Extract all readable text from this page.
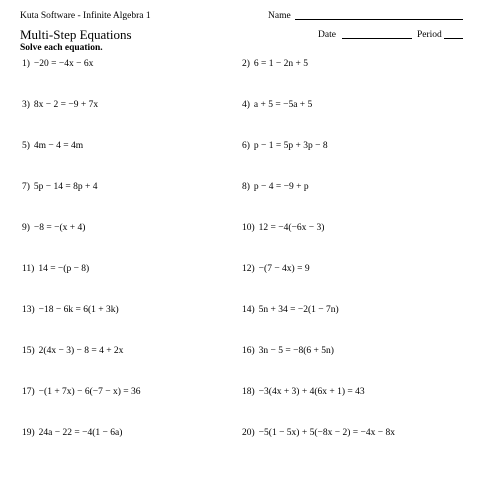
Kuta Software - Infinite Algebra 1	Name
Multi-Step Equations	Date	Period
Solve each equation.
1) −20 = −4x − 6x	2) 6 = 1 − 2n + 5
3) 8x − 2 = −9 + 7x	4) a + 5 = −5a + 5
5) 4m − 4 = 4m	6) p − 1 = 5p + 3p − 8
7) 5p − 14 = 8p + 4	8) p − 4 = −9 + p
9) −8 = −(x + 4)	10) 12 = −4(−6x − 3)
11) 14 = −(p − 8)	12) −(7 − 4x) = 9
13) −18 − 6k = 6(1 + 3k)	14) 5n + 34 = −2(1 − 7n)
15) 2(4x − 3) − 8 = 4 + 2x	16) 3n − 5 = −8(6 + 5n)
17) −(1 + 7x) − 6(−7 − x) = 36	18) −3(4x + 3) + 4(6x + 1) = 43
19) 24a − 22 = −4(1 − 6a)	20) −5(1 − 5x) + 5(−8x − 2) = −4x − 8x
